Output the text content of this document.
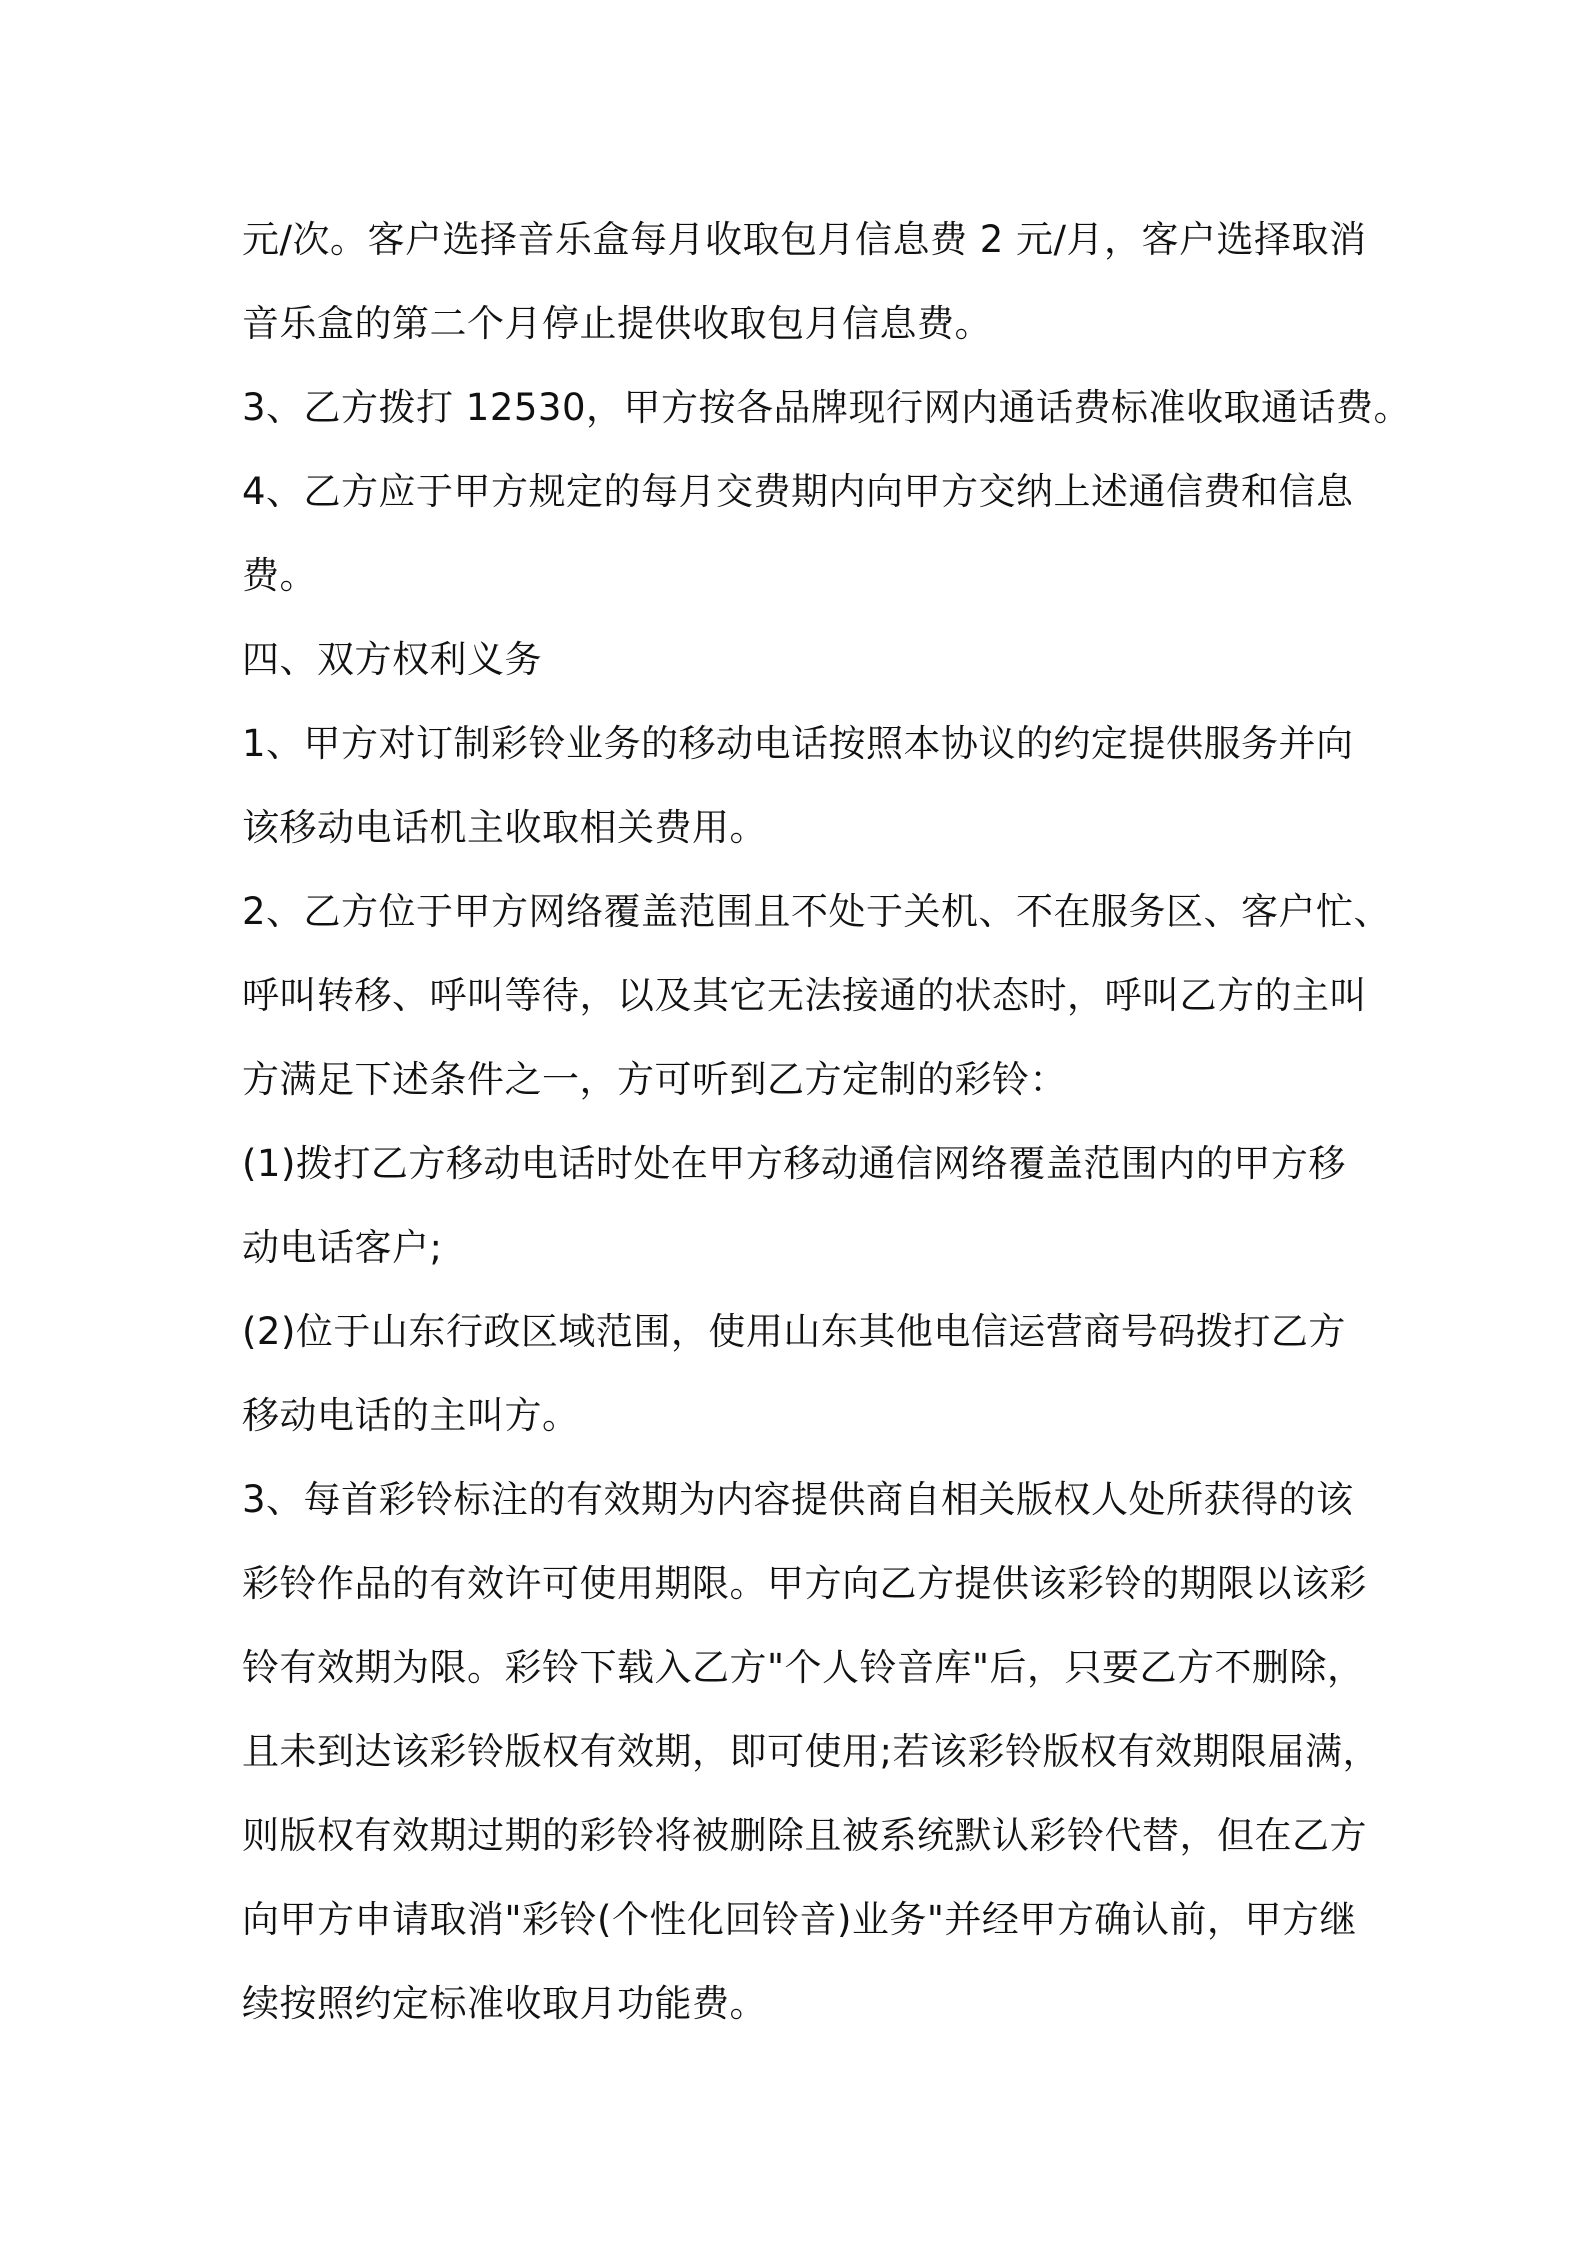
元/次。客户选择音乐盒每月收取包月信息费 2 元/月，客户选择取消

音乐盒的第二个月停止提供收取包月信息费。

3、乙方拨打 12530，甲方按各品牌现行网内通话费标准收取通话费。

4、乙方应于甲方规定的每月交费期内向甲方交纳上述通信费和信息

费。

四、双方权利义务

1、甲方对订制彩铃业务的移动电话按照本协议的约定提供服务并向

该移动电话机主收取相关费用。

2、乙方位于甲方网络覆盖范围且不处于关机、不在服务区、客户忙、

呼叫转移、呼叫等待，以及其它无法接通的状态时，呼叫乙方的主叫

方满足下述条件之一，方可听到乙方定制的彩铃：

(1)拨打乙方移动电话时处在甲方移动通信网络覆盖范围内的甲方移

动电话客户;

(2)位于山东行政区域范围，使用山东其他电信运营商号码拨打乙方

移动电话的主叫方。

3、每首彩铃标注的有效期为内容提供商自相关版权人处所获得的该

彩铃作品的有效许可使用期限。甲方向乙方提供该彩铃的期限以该彩

铃有效期为限。彩铃下载入乙方"个人铃音库"后，只要乙方不删除，

且未到达该彩铃版权有效期，即可使用;若该彩铃版权有效期限届满，

则版权有效期过期的彩铃将被删除且被系统默认彩铃代替，但在乙方

向甲方申请取消"彩铃(个性化回铃音)业务"并经甲方确认前，甲方继

续按照约定标准收取月功能费。
